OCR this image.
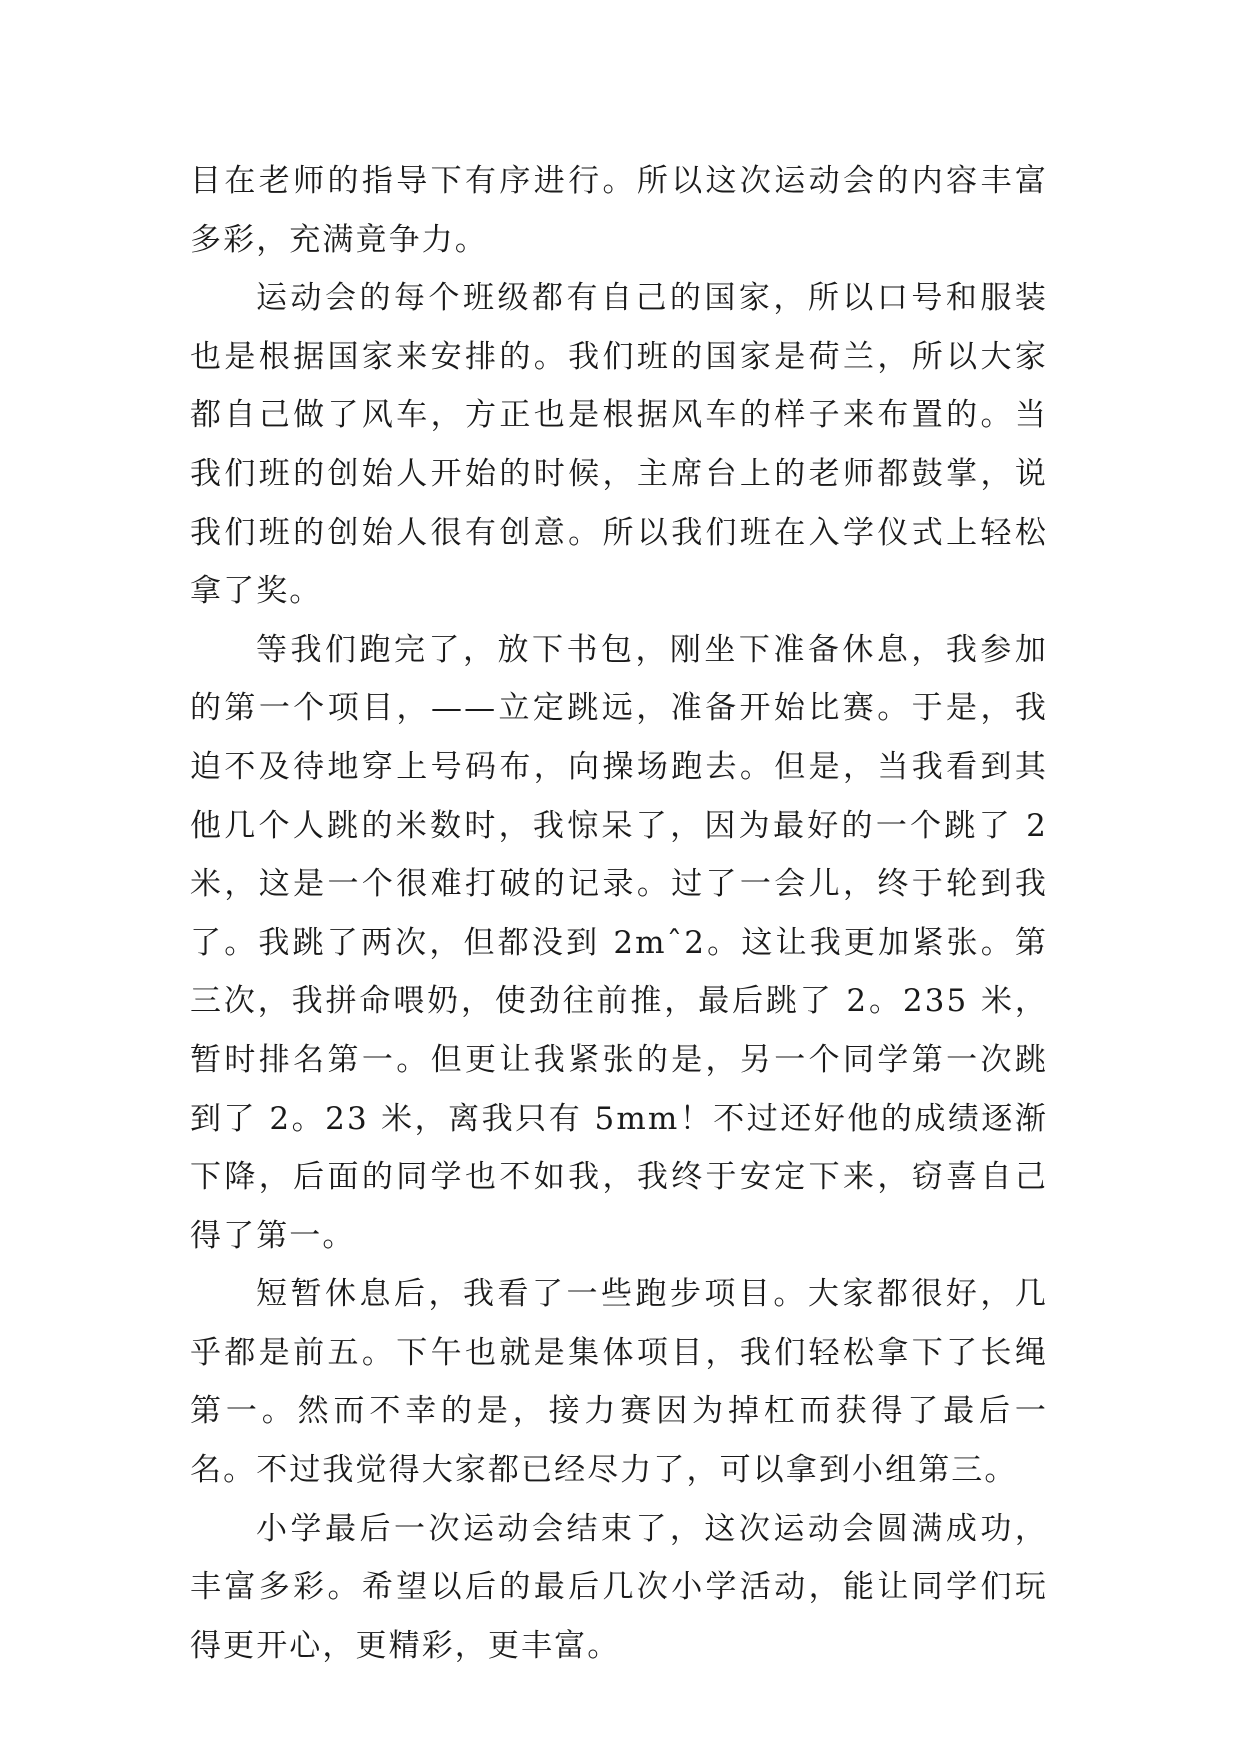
目在老师的指导下有序进行。所以这次运动会的内容丰富多彩，充满竟争力。

运动会的每个班级都有自己的国家，所以口号和服装也是根据国家来安排的。我们班的国家是荷兰，所以大家都自己做了风车，方正也是根据风车的样子来布置的。当我们班的创始人开始的时候，主席台上的老师都鼓掌，说我们班的创始人很有创意。所以我们班在入学仪式上轻松拿了奖。

等我们跑完了，放下书包，刚坐下准备休息，我参加的第一个项目，——立定跳远，准备开始比赛。于是，我迫不及待地穿上号码布，向操场跑去。但是，当我看到其他几个人跳的米数时，我惊呆了，因为最好的一个跳了 2 米，这是一个很难打破的记录。过了一会儿，终于轮到我了。我跳了两次，但都没到 2mˆ2。这让我更加紧张。第三次，我拼命喂奶，使劲往前推，最后跳了 2。235 米，暂时排名第一。但更让我紧张的是，另一个同学第一次跳到了 2。23 米，离我只有 5mm！不过还好他的成绩逐渐下降，后面的同学也不如我，我终于安定下来，窃喜自己得了第一。

短暂休息后，我看了一些跑步项目。大家都很好，几乎都是前五。下午也就是集体项目，我们轻松拿下了长绳第一。然而不幸的是，接力赛因为掉杠而获得了最后一名。不过我觉得大家都已经尽力了，可以拿到小组第三。

小学最后一次运动会结束了，这次运动会圆满成功，丰富多彩。希望以后的最后几次小学活动，能让同学们玩得更开心，更精彩，更丰富。
